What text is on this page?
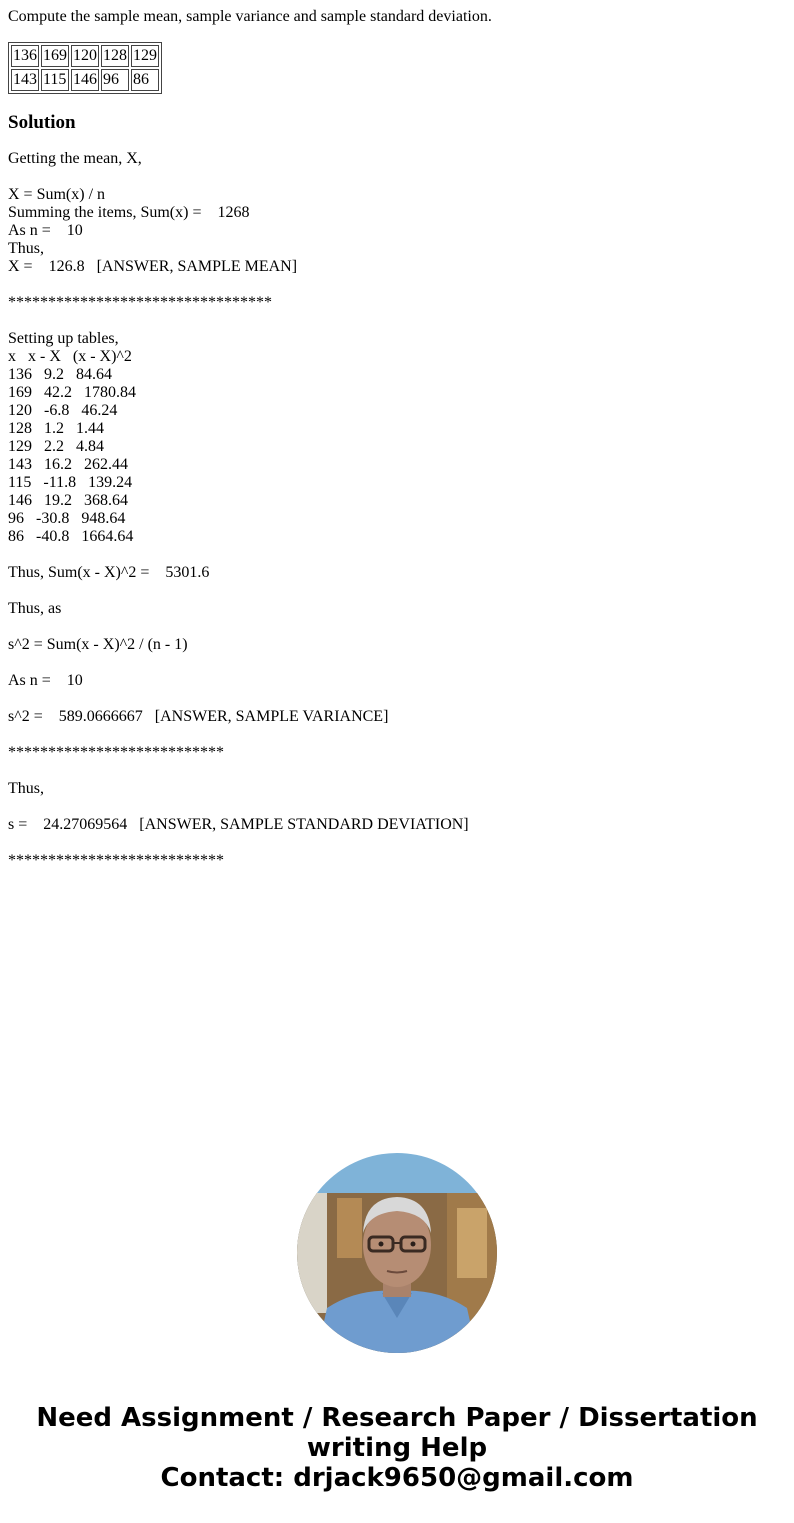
Compute the sample mean, sample variance and sample standard deviation.

136	169	120	128	129
143	115	146	96	86
Solution

Getting the mean, X,

X = Sum(x) / n

Summing the items, Sum(x) =    1268

As n =    10

Thus,

X =    126.8   [ANSWER, SAMPLE MEAN]

*********************************

Setting up tables,

x   x - X   (x - X)^2

136   9.2   84.64

169   42.2   1780.84

120   -6.8   46.24

128   1.2   1.44

129   2.2   4.84

143   16.2   262.44

115   -11.8   139.24

146   19.2   368.64

96   -30.8   948.64

86   -40.8   1664.64

Thus, Sum(x - X)^2 =    5301.6

Thus, as

s^2 = Sum(x - X)^2 / (n - 1)

As n =    10

s^2 =    589.0666667   [ANSWER, SAMPLE VARIANCE]

***************************

Thus,

s =    24.27069564   [ANSWER, SAMPLE STANDARD DEVIATION]

***************************

Need Assignment / Research Paper / Dissertation
writing Help
Contact: drjack9650@gmail.com
